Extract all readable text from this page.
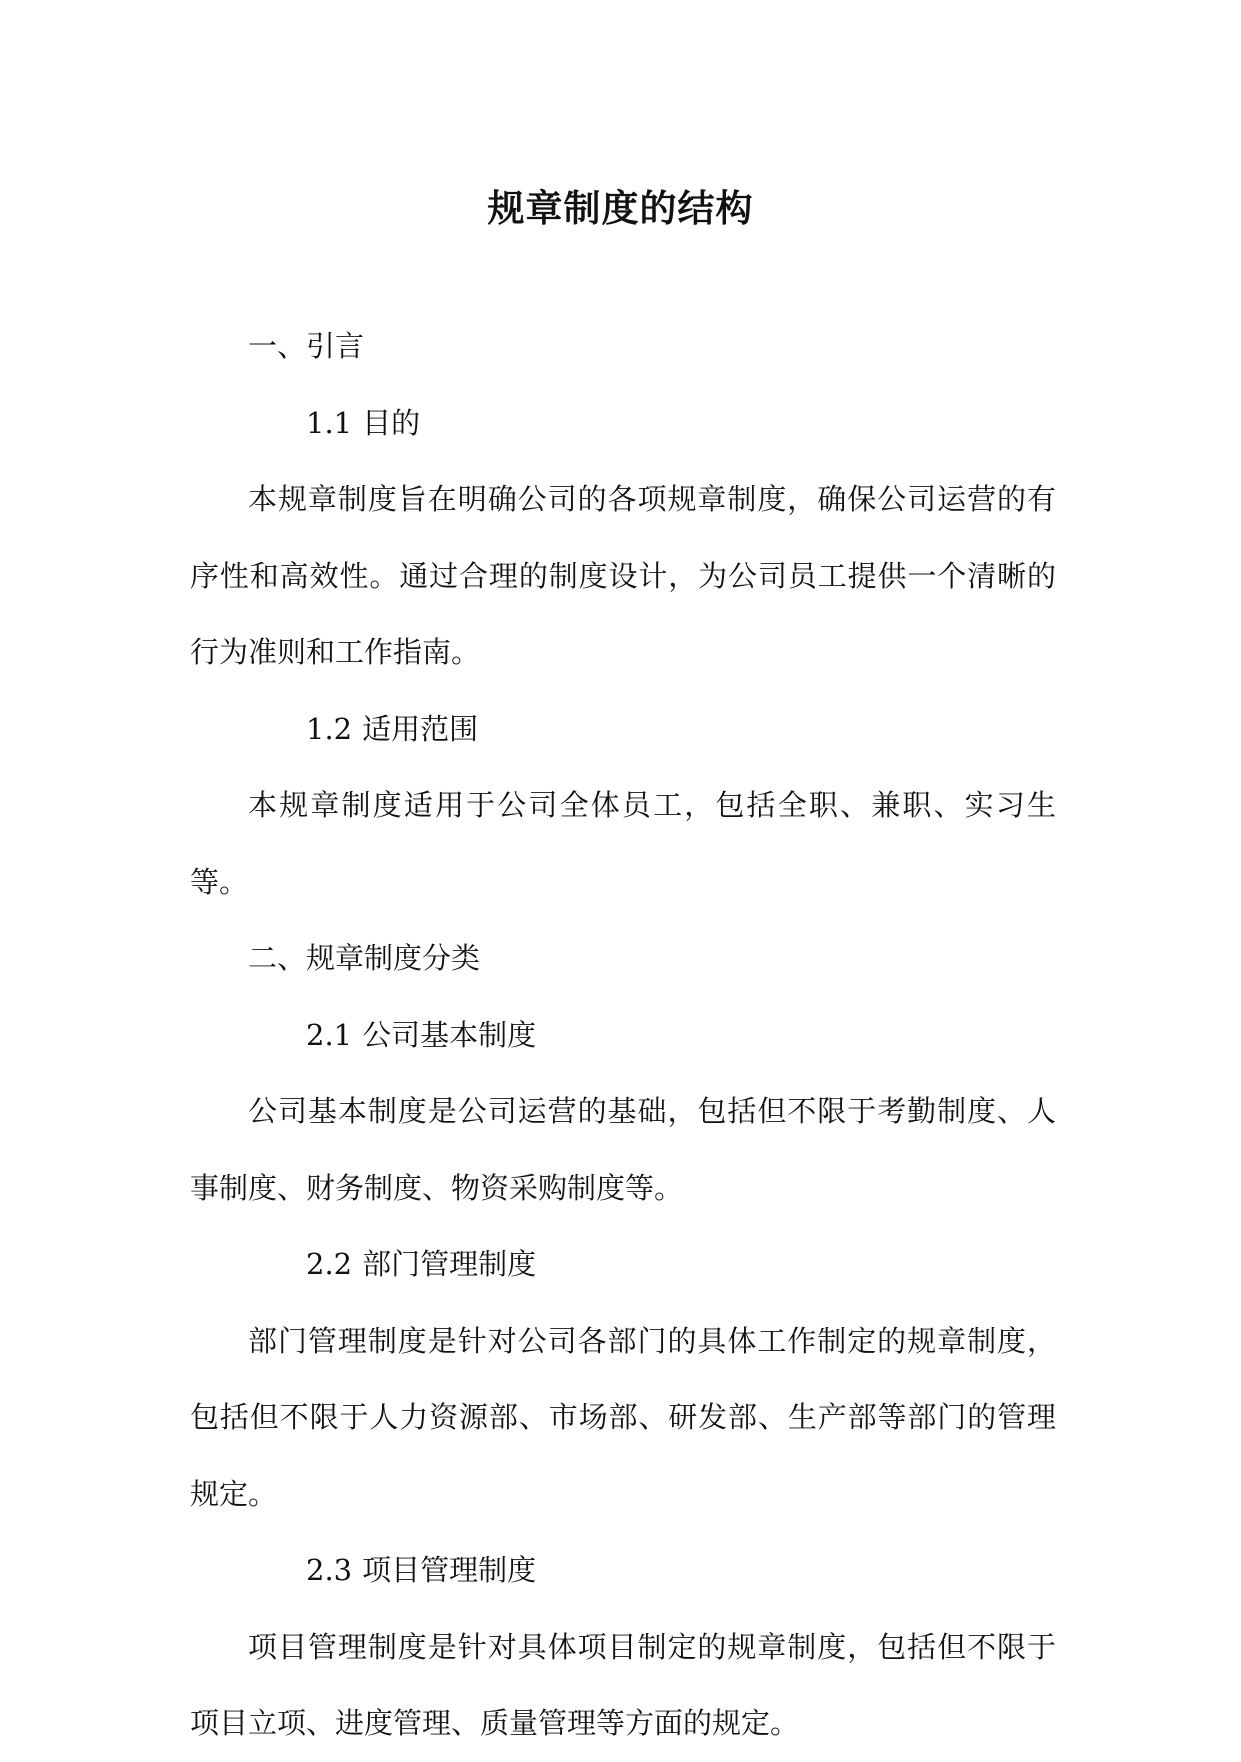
规章制度的结构

一、引言

1.1 目的

本规章制度旨在明确公司的各项规章制度，确保公司运营的有序性和高效性。通过合理的制度设计，为公司员工提供一个清晰的行为准则和工作指南。

1.2 适用范围

本规章制度适用于公司全体员工，包括全职、兼职、实习生等。

二、规章制度分类

2.1 公司基本制度

公司基本制度是公司运营的基础，包括但不限于考勤制度、人事制度、财务制度、物资采购制度等。

2.2 部门管理制度

部门管理制度是针对公司各部门的具体工作制定的规章制度，包括但不限于人力资源部、市场部、研发部、生产部等部门的管理规定。

2.3 项目管理制度

项目管理制度是针对具体项目制定的规章制度，包括但不限于项目立项、进度管理、质量管理等方面的规定。
